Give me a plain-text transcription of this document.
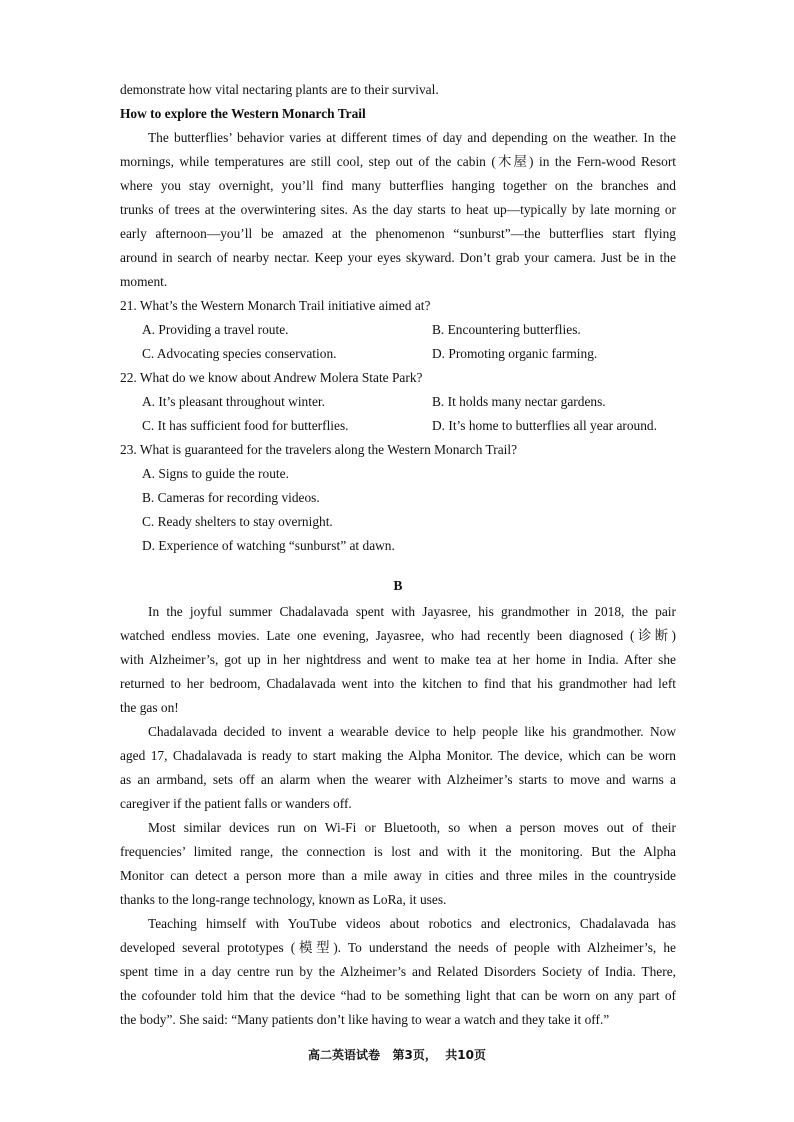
demonstrate how vital nectaring plants are to their survival.
How to explore the Western Monarch Trail
The butterflies’ behavior varies at different times of day and depending on the weather. In the
mornings, while temperatures are still cool, step out of the cabin (木屋) in the Fern-wood Resort
where you stay overnight, you’ll find many butterflies hanging together on the branches and
trunks of trees at the overwintering sites. As the day starts to heat up—typically by late morning or
early afternoon—you’ll be amazed at the phenomenon “sunburst”—the butterflies start flying
around in search of nearby nectar. Keep your eyes skyward. Don’t grab your camera. Just be in the
moment.
21. What’s the Western Monarch Trail initiative aimed at?
A. Providing a travel route.	B. Encountering butterflies.
C. Advocating species conservation.	D. Promoting organic farming.
22. What do we know about Andrew Molera State Park?
A. It’s pleasant throughout winter.	B. It holds many nectar gardens.
C. It has sufficient food for butterflies.	D. It’s home to butterflies all year around.
23. What is guaranteed for the travelers along the Western Monarch Trail?
A. Signs to guide the route.
B. Cameras for recording videos.
C. Ready shelters to stay overnight.
D. Experience of watching “sunburst” at dawn.
B
In the joyful summer Chadalavada spent with Jayasree, his grandmother in 2018, the pair
watched endless movies. Late one evening, Jayasree, who had recently been diagnosed (诊断)
with Alzheimer’s, got up in her nightdress and went to make tea at her home in India. After she
returned to her bedroom, Chadalavada went into the kitchen to find that his grandmother had left
the gas on!
Chadalavada decided to invent a wearable device to help people like his grandmother. Now
aged 17, Chadalavada is ready to start making the Alpha Monitor. The device, which can be worn
as an armband, sets off an alarm when the wearer with Alzheimer’s starts to move and warns a
caregiver if the patient falls or wanders off.
Most similar devices run on Wi-Fi or Bluetooth, so when a person moves out of their
frequencies’ limited range, the connection is lost and with it the monitoring. But the Alpha
Monitor can detect a person more than a mile away in cities and three miles in the countryside
thanks to the long-range technology, known as LoRa, it uses.
Teaching himself with YouTube videos about robotics and electronics, Chadalavada has
developed several prototypes (模型). To understand the needs of people with Alzheimer’s, he
spent time in a day centre run by the Alzheimer’s and Related Disorders Society of India. There,
the cofounder told him that the device “had to be something light that can be worn on any part of
the body”. She said: “Many patients don’t like having to wear a watch and they take it off.”
高二英语试卷   第3页，  共10页
